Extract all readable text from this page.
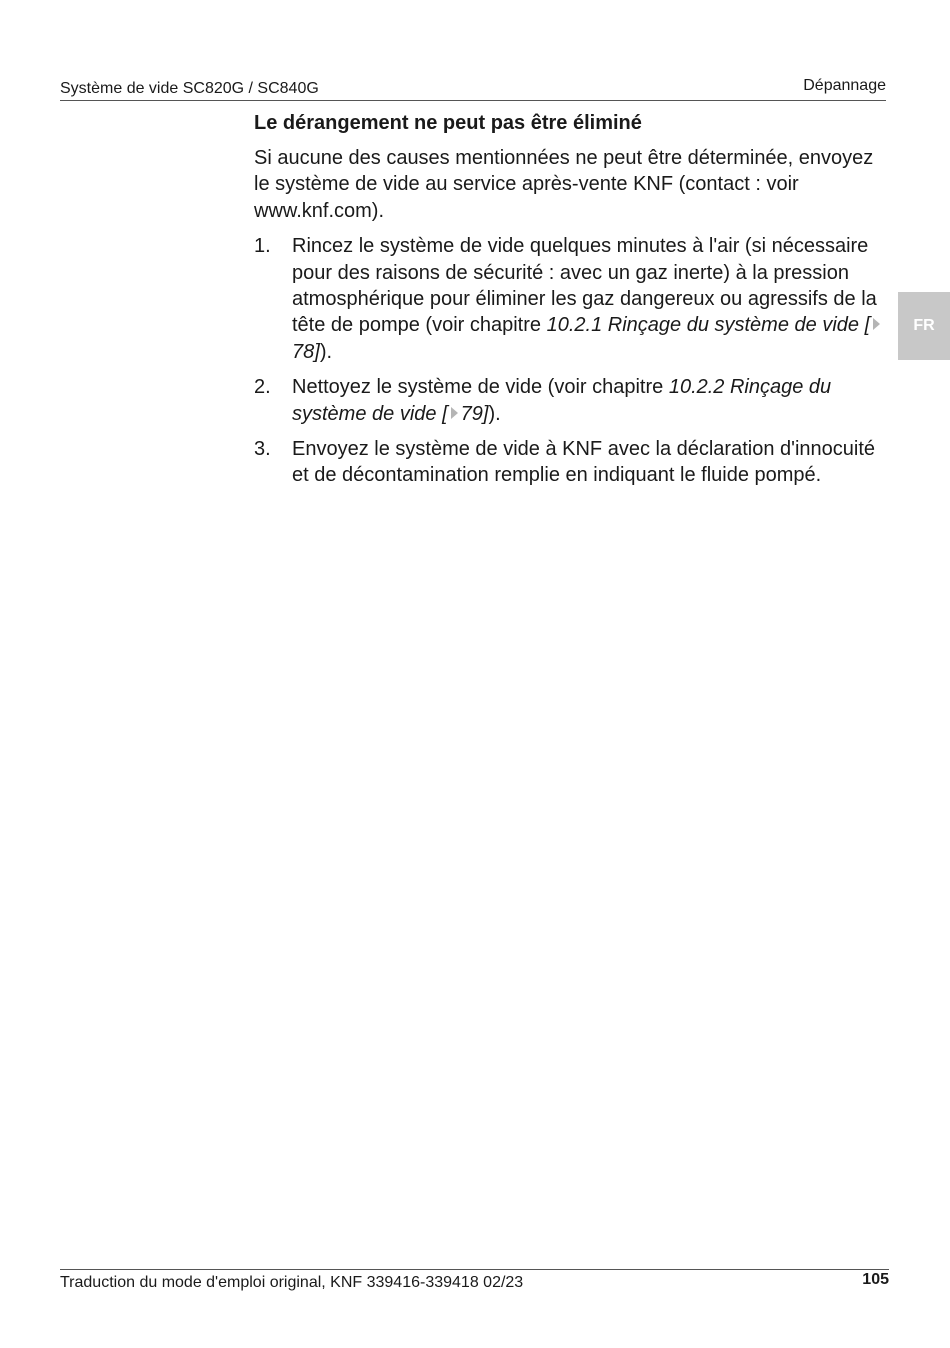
Système de vide SC820G / SC840G	Dépannage
FR
Le dérangement ne peut pas être éliminé

Si aucune des causes mentionnées ne peut être déterminée, envoyez le système de vide au service après-vente KNF (contact : voir www.knf.com).

1. Rincez le système de vide quelques minutes à l'air (si nécessaire pour des raisons de sécurité : avec un gaz inerte) à la pression atmosphérique pour éliminer les gaz dangereux ou agressifs de la tête de pompe (voir chapitre 10.2.1 Rinçage du système de vide [78]).
2. Nettoyez le système de vide (voir chapitre 10.2.2 Rinçage du système de vide [ 79]).
3. Envoyez le système de vide à KNF avec la déclaration d'innocuité et de décontamination remplie en indiquant le fluide pompé.
Traduction du mode d'emploi original, KNF 339416-339418 02/23	105
